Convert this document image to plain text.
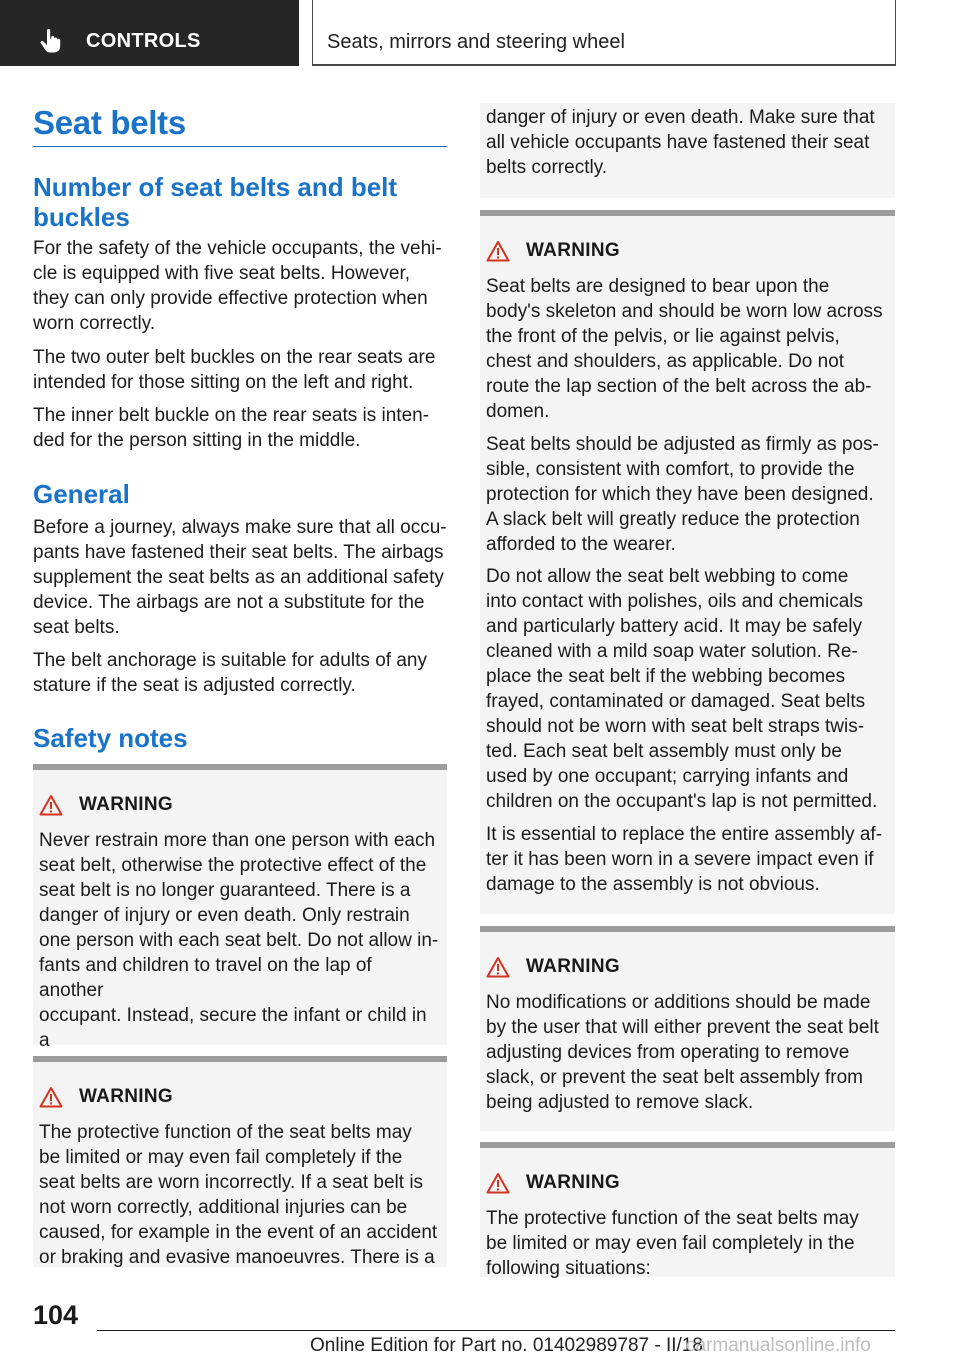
CONTROLS	Seats, mirrors and steering wheel
Seat belts
Number of seat belts and belt buckles

For the safety of the vehicle occupants, the vehi‐
cle is equipped with five seat belts. However,
they can only provide effective protection when
worn correctly.

The two outer belt buckles on the rear seats are
intended for those sitting on the left and right.

The inner belt buckle on the rear seats is inten‐
ded for the person sitting in the middle.

General

Before a journey, always make sure that all occu‐
pants have fastened their seat belts. The airbags
supplement the seat belts as an additional safety
device. The airbags are not a substitute for the
seat belts.

The belt anchorage is suitable for adults of any
stature if the seat is adjusted correctly.

Safety notes
WARNING

Never restrain more than one person with each
seat belt, otherwise the protective effect of the
seat belt is no longer guaranteed. There is a
danger of injury or even death. Only restrain
one person with each seat belt. Do not allow in‐
fants and children to travel on the lap of another
occupant. Instead, secure the infant or child in a

WARNING

The protective function of the seat belts may
be limited or may even fail completely if the
seat belts are worn incorrectly. If a seat belt is
not worn correctly, additional injuries can be
caused, for example in the event of an accident
or braking and evasive manoeuvres. There is a

danger of injury or even death. Make sure that
all vehicle occupants have fastened their seat
belts correctly.

WARNING

Seat belts are designed to bear upon the
body's skeleton and should be worn low across
the front of the pelvis, or lie against pelvis,
chest and shoulders, as applicable. Do not
route the lap section of the belt across the ab‐
domen.

Seat belts should be adjusted as firmly as pos‐
sible, consistent with comfort, to provide the
protection for which they have been designed.
A slack belt will greatly reduce the protection
afforded to the wearer.

Do not allow the seat belt webbing to come
into contact with polishes, oils and chemicals
and particularly battery acid. It may be safely
cleaned with a mild soap water solution. Re‐
place the seat belt if the webbing becomes
frayed, contaminated or damaged. Seat belts
should not be worn with seat belt straps twis‐
ted. Each seat belt assembly must only be
used by one occupant; carrying infants and
children on the occupant's lap is not permitted.

It is essential to replace the entire assembly af‐
ter it has been worn in a severe impact even if
damage to the assembly is not obvious.

WARNING

No modifications or additions should be made
by the user that will either prevent the seat belt
adjusting devices from operating to remove
slack, or prevent the seat belt assembly from
being adjusted to remove slack.

WARNING

The protective function of the seat belts may
be limited or may even fail completely in the
following situations:

104
Online Edition for Part no. 01402989787 - II/18
carmanualsonline.info
